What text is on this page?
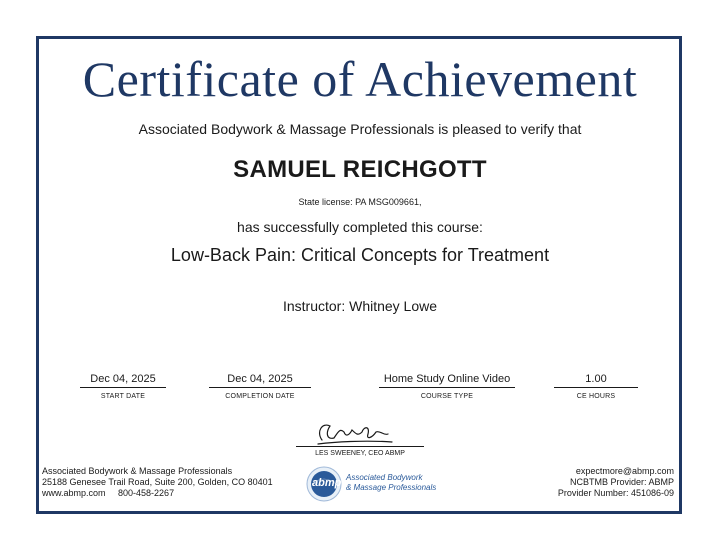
Certificate of Achievement
Associated Bodywork & Massage Professionals is pleased to verify that
SAMUEL REICHGOTT
State license: PA MSG009661,
has successfully completed this course:
Low-Back Pain: Critical Concepts for Treatment
Instructor: Whitney Lowe
Dec 04, 2025
START DATE
Dec 04, 2025
COMPLETION DATE
Home Study Online Video
COURSE TYPE
1.00
CE HOURS
LES SWEENEY, CEO ABMP
Associated Bodywork & Massage Professionals
25188 Genesee Trail Road, Suite 200, Golden, CO 80401
www.abmp.com     800-458-2267
abmp Associated Bodywork
& Massage Professionals
expectmore@abmp.com
NCBTMB Provider: ABMP
Provider Number: 451086-09
